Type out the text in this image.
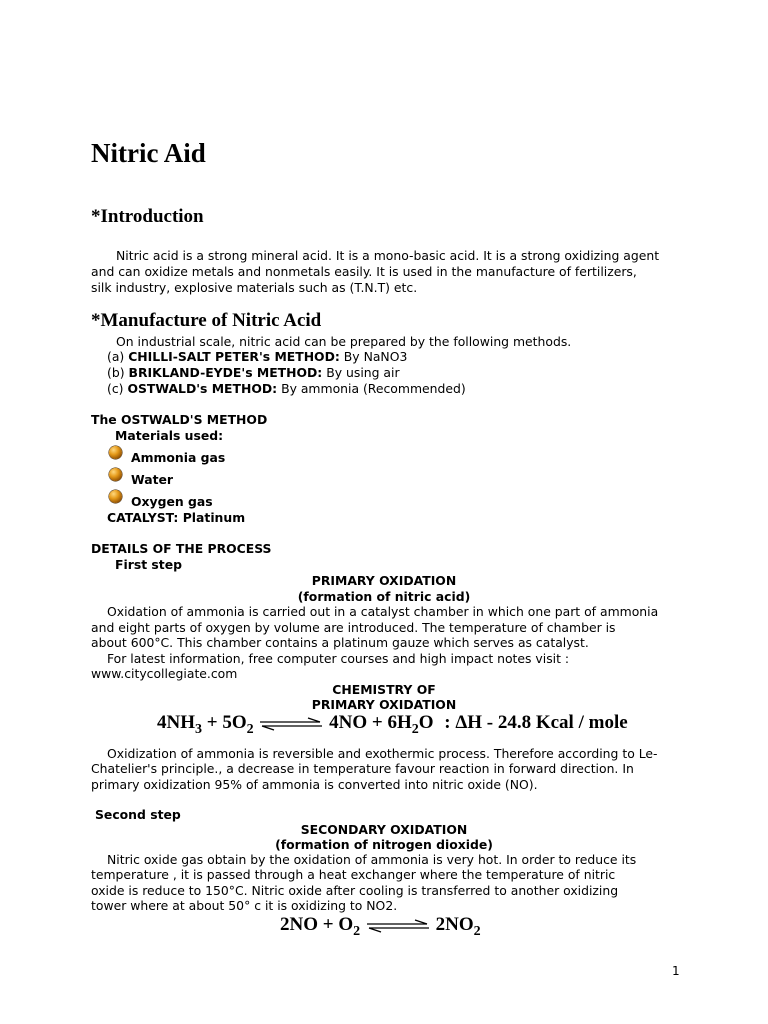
Nitric Aid
*Introduction
Nitric acid is a strong mineral acid. It is a mono-basic acid. It is a strong oxidizing agent
and can oxidize metals and nonmetals easily. It is used in the manufacture of fertilizers,
silk industry, explosive materials such as (T.N.T) etc.
*Manufacture of Nitric Acid
On industrial scale, nitric acid can be prepared by the following methods.
(a) CHILLI-SALT PETER's METHOD: By NaNO3
(b) BRIKLAND-EYDE's METHOD: By using air
(c) OSTWALD's METHOD: By ammonia (Recommended)
The OSTWALD'S METHOD
Materials used:
Ammonia gas
Water
Oxygen gas
CATALYST: Platinum
DETAILS OF THE PROCESS
First step
PRIMARY OXIDATION
(formation of nitric acid)
Oxidation of ammonia is carried out in a catalyst chamber in which one part of ammonia
and eight parts of oxygen by volume are introduced. The temperature of chamber is
about 600°C. This chamber contains a platinum gauze which serves as catalyst.
For latest information, free computer courses and high impact notes visit :
www.citycollegiate.com
CHEMISTRY OF
PRIMARY OXIDATION
$4NH_3 + 5O_2$ ⇌ $4NO + 6H_2O$ : ΔH - 24.8 Kcal / mole
Oxidization of ammonia is reversible and exothermic process. Therefore according to Le-
Chatelier's principle., a decrease in temperature favour reaction in forward direction. In
primary oxidization 95% of ammonia is converted into nitric oxide (NO).
Second step
SECONDARY OXIDATION
(formation of nitrogen dioxide)
Nitric oxide gas obtain by the oxidation of ammonia is very hot. In order to reduce its
temperature , it is passed through a heat exchanger where the temperature of nitric
oxide is reduce to 150°C. Nitric oxide after cooling is transferred to another oxidizing
tower where at about 50° c it is oxidizing to NO2.
$2NO + O_2$ ⇌ $2NO_2$
1
